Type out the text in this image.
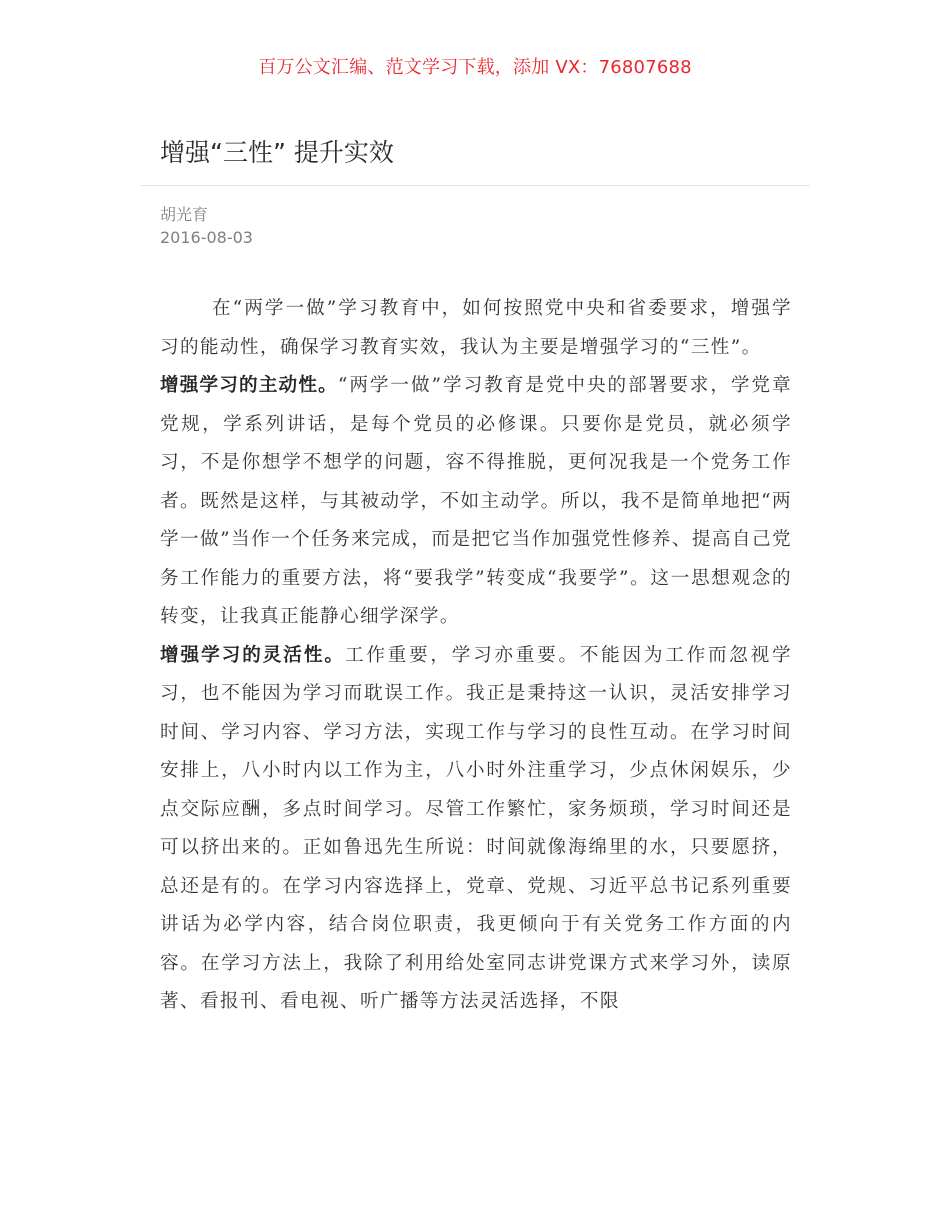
百万公文汇编、范文学习下载，添加 VX：76807688
增强“三性” 提升实效
胡光育
2016-08-03

在“两学一做”学习教育中，如何按照党中央和省委要求，增强学习的能动性，确保学习教育实效，我认为主要是增强学习的“三性”。

增强学习的主动性。“两学一做”学习教育是党中央的部署要求，学党章党规，学系列讲话，是每个党员的必修课。只要你是党员，就必须学习，不是你想学不想学的问题，容不得推脱，更何况我是一个党务工作者。既然是这样，与其被动学，不如主动学。所以，我不是简单地把“两学一做”当作一个任务来完成，而是把它当作加强党性修养、提高自己党务工作能力的重要方法，将“要我学”转变成“我要学”。这一思想观念的转变，让我真正能静心细学深学。

增强学习的灵活性。工作重要，学习亦重要。不能因为工作而忽视学习，也不能因为学习而耽误工作。我正是秉持这一认识，灵活安排学习时间、学习内容、学习方法，实现工作与学习的良性互动。在学习时间安排上，八小时内以工作为主，八小时外注重学习，少点休闲娱乐，少点交际应酬，多点时间学习。尽管工作繁忙，家务烦琐，学习时间还是可以挤出来的。正如鲁迅先生所说：时间就像海绵里的水，只要愿挤，总还是有的。在学习内容选择上，党章、党规、习近平总书记系列重要讲话为必学内容，结合岗位职责，我更倾向于有关党务工作方面的内容。在学习方法上，我除了利用给处室同志讲党课方式来学习外，读原著、看报刊、看电视、听广播等方法灵活选择，不限
